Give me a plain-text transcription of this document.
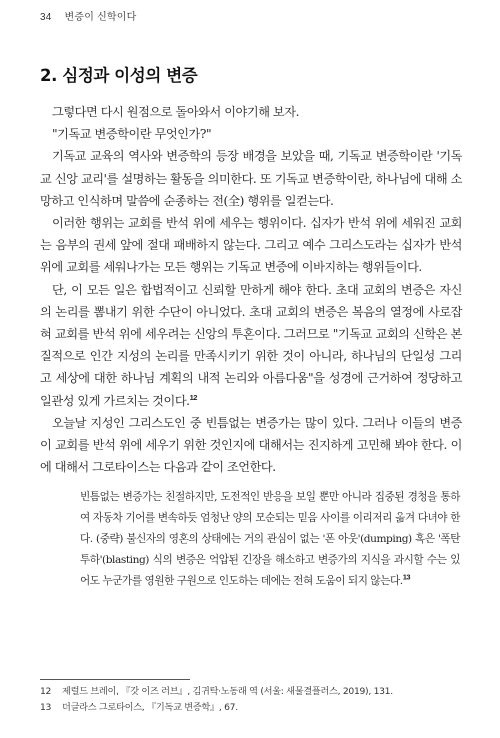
34 변증이 신학이다
2. 심정과 이성의 변증

그렇다면 다시 원점으로 돌아와서 이야기해 보자.

"기독교 변증학이란 무엇인가?"

기독교 교육의 역사와 변증학의 등장 배경을 보았을 때, 기독교 변증학이란 '기독교 신앙 교리'를 설명하는 활동을 의미한다. 또 기독교 변증학이란, 하나님에 대해 소망하고 인식하며 말씀에 순종하는 전(全) 행위를 일컫는다.

이러한 행위는 교회를 반석 위에 세우는 행위이다. 십자가 반석 위에 세워진 교회는 음부의 권세 앞에 절대 패배하지 않는다. 그리고 예수 그리스도라는 십자가 반석 위에 교회를 세워나가는 모든 행위는 기독교 변증에 이바지하는 행위들이다.

단, 이 모든 일은 합법적이고 신뢰할 만하게 해야 한다. 초대 교회의 변증은 자신의 논리를 뽐내기 위한 수단이 아니었다. 초대 교회의 변증은 복음의 열정에 사로잡혀 교회를 반석 위에 세우려는 신앙의 투혼이다. 그러므로 "기독교 교회의 신학은 본질적으로 인간 지성의 논리를 만족시키기 위한 것이 아니라, 하나님의 단일성 그리고 세상에 대한 하나님 계획의 내적 논리와 아름다움"을 성경에 근거하여 정당하고 일관성 있게 가르치는 것이다.$^{12}$

오늘날 지성인 그리스도인 중 빈틈없는 변증가는 많이 있다. 그러나 이들의 변증이 교회를 반석 위에 세우기 위한 것인지에 대해서는 진지하게 고민해 봐야 한다. 이에 대해서 그로타이스는 다음과 같이 조언한다.

빈틈없는 변증가는 친절하지만, 도전적인 반응을 보일 뿐만 아니라 집중된 경청을 통하여 자동차 기어를 변속하듯 엄청난 양의 모순되는 믿음 사이를 이리저리 옮겨 다녀야 한다. (중략) 불신자의 영혼의 상태에는 거의 관심이 없는 '폰 아웃'(dumping) 혹은 '폭탄 투하'(blasting) 식의 변증은 억압된 긴장을 해소하고 변증가의 지식을 과시할 수는 있어도 누군가를 영원한 구원으로 인도하는 데에는 전혀 도움이 되지 않는다.$^{13}$

12 제럴드 브레이, 『갓 이즈 러브』, 김귀탁·노동래 역 (서울: 새물결플러스, 2019), 131.

13 더글라스 그로타이스, 『기독교 변증학』, 67.
